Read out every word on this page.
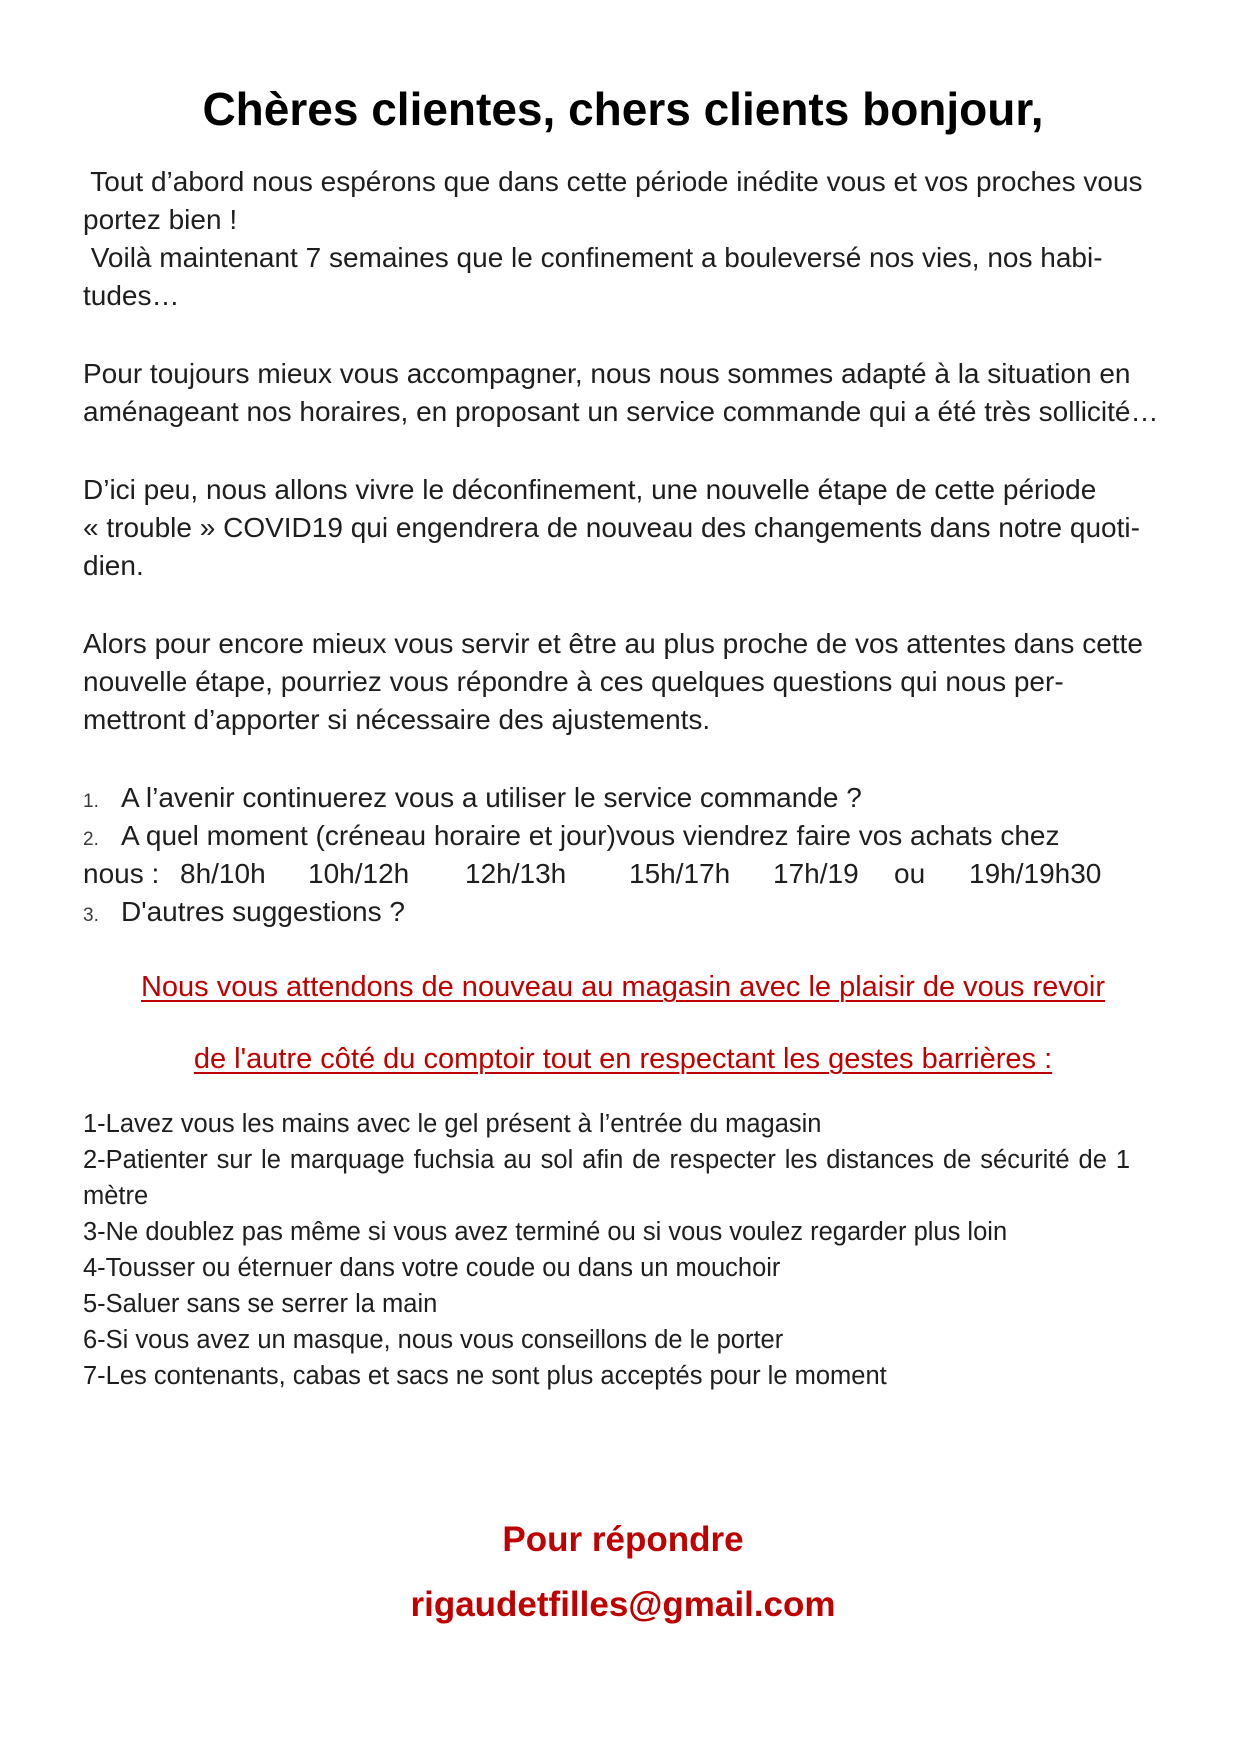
Chères clientes, chers clients bonjour,
Tout d’abord nous espérons que dans cette période inédite vous et vos proches vous
portez bien !
Voilà maintenant 7 semaines que le confinement a bouleversé nos vies, nos habi-
tudes…
Pour toujours mieux vous accompagner, nous nous sommes adapté à la situation en
aménageant nos horaires, en proposant un service commande qui a été très sollicité…
D’ici peu, nous allons vivre le déconfinement, une nouvelle étape de cette période
« trouble » COVID19 qui engendrera de nouveau des changements dans notre quoti-
dien.
Alors pour encore mieux vous servir et être au plus proche de vos attentes dans cette
nouvelle étape, pourriez vous répondre à ces quelques questions qui nous per-
mettront d’apporter si nécessaire des ajustements.
1. A l’avenir continuerez vous a utiliser le service commande ?
2. A quel moment (créneau horaire et jour)vous viendrez faire vos achats chez
nous : 8h/10h 10h/12h 12h/13h 15h/17h 17h/19 ou 19h/19h30
3. D'autres suggestions ?
Nous vous attendons de nouveau au magasin avec le plaisir de vous revoir
de l'autre côté du comptoir tout en respectant les gestes barrières :
1-Lavez vous les mains avec le gel présent à l’entrée du magasin
2-Patienter sur le marquage fuchsia au sol afin de respecter les distances de sécurité de 1
mètre
3-Ne doublez pas même si vous avez terminé ou si vous voulez regarder plus loin
4-Tousser ou éternuer dans votre coude ou dans un mouchoir
5-Saluer sans se serrer la main
6-Si vous avez un masque, nous vous conseillons de le porter
7-Les contenants, cabas et sacs ne sont plus acceptés pour le moment
Pour répondre
rigaudetfilles@gmail.com
